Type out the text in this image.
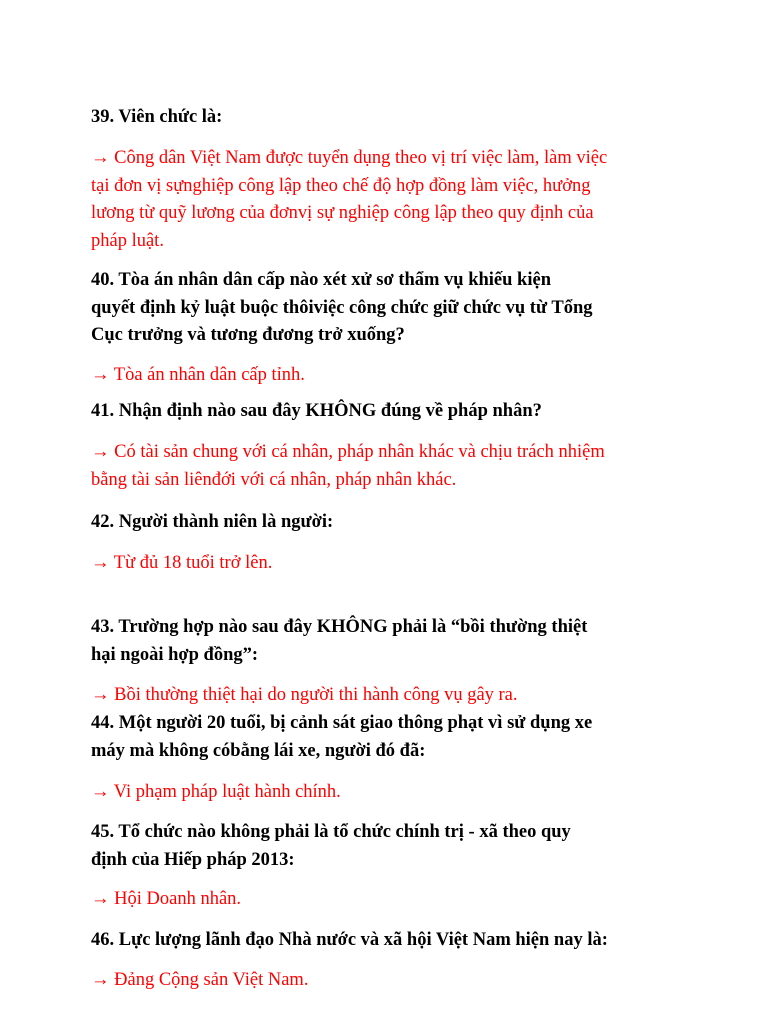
39. Viên chức là:
→ Công dân Việt Nam được tuyển dụng theo vị trí việc làm, làm việc
tại đơn vị sựnghiệp công lập theo chế độ hợp đồng làm việc, hưởng
lương từ quỹ lương của đơnvị sự nghiệp công lập theo quy định của
pháp luật.
40. Tòa án nhân dân cấp nào xét xử sơ thẩm vụ khiếu kiện
quyết định kỷ luật buộc thôiviệc công chức giữ chức vụ từ Tổng
Cục trưởng và tương đương trở xuống?
→ Tòa án nhân dân cấp tỉnh.
41. Nhận định nào sau đây KHÔNG đúng về pháp nhân?
→ Có tài sản chung với cá nhân, pháp nhân khác và chịu trách nhiệm
bằng tài sản liênđới với cá nhân, pháp nhân khác.
42. Người thành niên là người:
→ Từ đủ 18 tuổi trở lên.
43. Trường hợp nào sau đây KHÔNG phải là “bồi thường thiệt
hại ngoài hợp đồng”:
→ Bồi thường thiệt hại do người thi hành công vụ gây ra.
44. Một người 20 tuổi, bị cảnh sát giao thông phạt vì sử dụng xe
máy mà không cóbằng lái xe, người đó đã:
→ Vi phạm pháp luật hành chính.
45. Tổ chức nào không phải là tổ chức chính trị - xã theo quy
định của Hiếp pháp 2013:
→ Hội Doanh nhân.
46. Lực lượng lãnh đạo Nhà nước và xã hội Việt Nam hiện nay là:
→ Đảng Cộng sản Việt Nam.
